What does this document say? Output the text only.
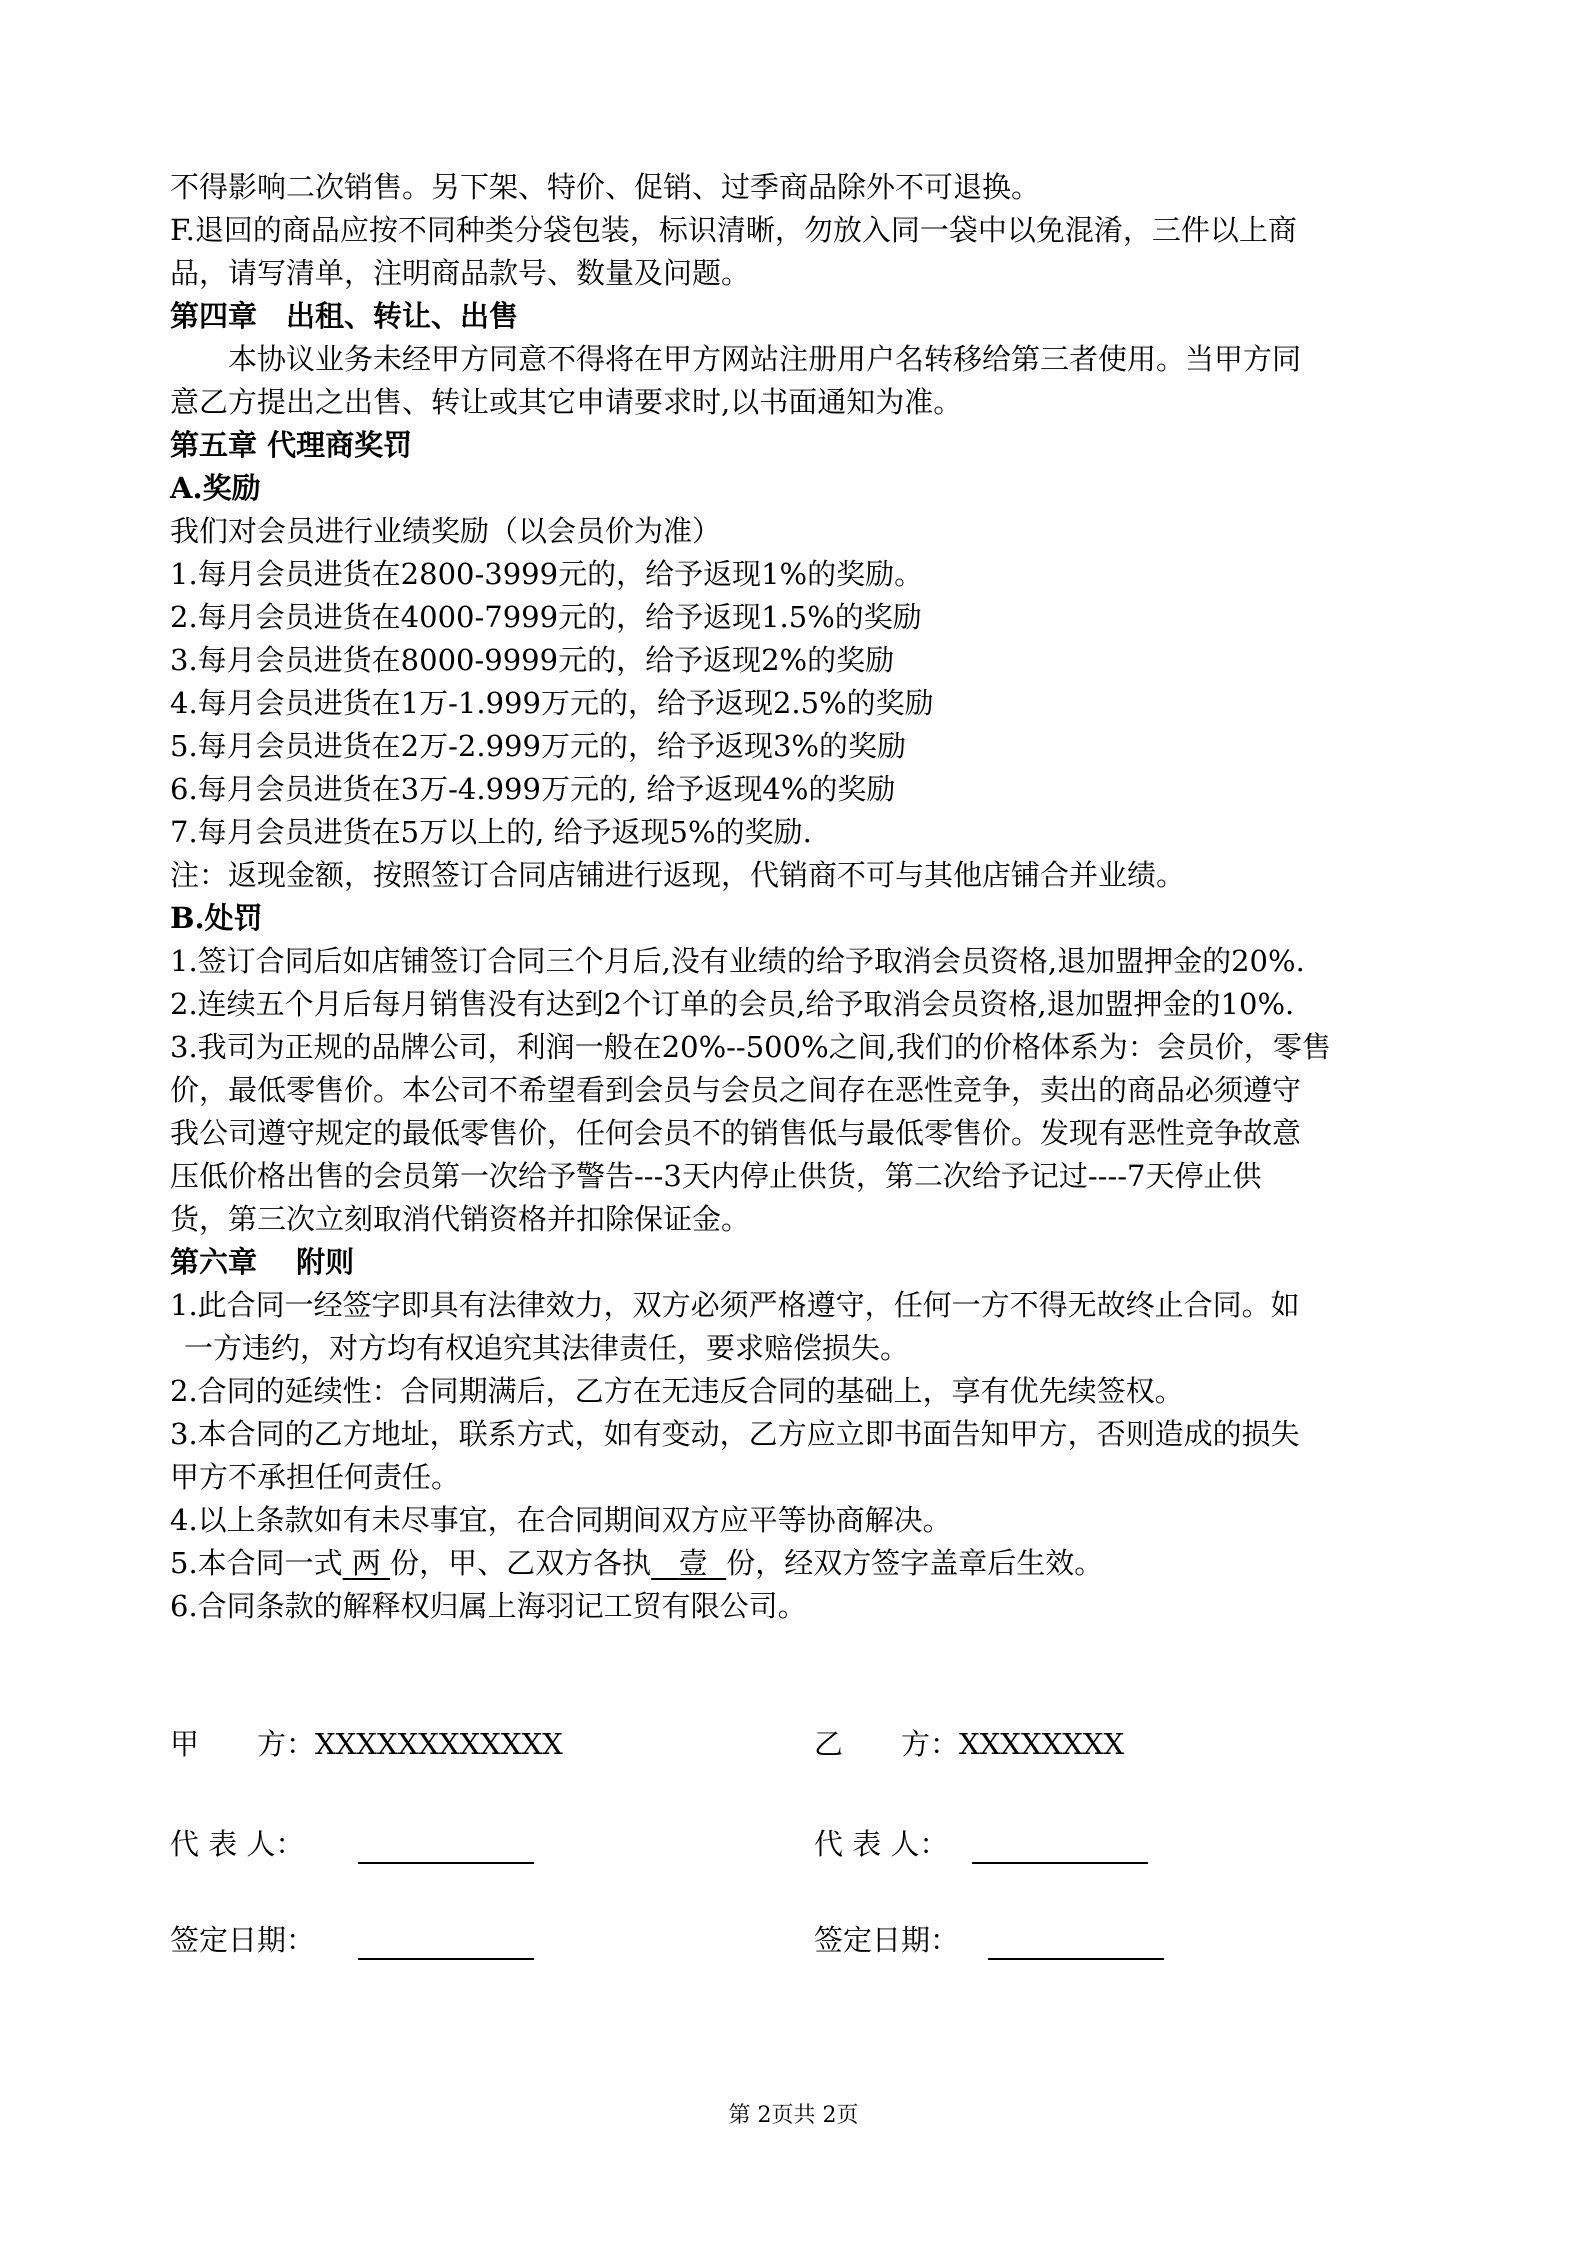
不得影响二次销售。另下架、特价、促销、过季商品除外不可退换。

F.退回的商品应按不同种类分袋包装，标识清晰，勿放入同一袋中以免混淆，三件以上商

品，请写清单，注明商品款号、数量及问题。

第四章　出租、转让、出售

本协议业务未经甲方同意不得将在甲方网站注册用户名转移给第三者使用。当甲方同

意乙方提出之出售、转让或其它申请要求时,以书面通知为准。

第五章 代理商奖罚

A.奖励

我们对会员进行业绩奖励（以会员价为准）

1.每月会员进货在2800-3999元的，给予返现1%的奖励。

2.每月会员进货在4000-7999元的，给予返现1.5%的奖励

3.每月会员进货在8000-9999元的，给予返现2%的奖励

4.每月会员进货在1万-1.999万元的，给予返现2.5%的奖励

5.每月会员进货在2万-2.999万元的，给予返现3%的奖励

6.每月会员进货在3万-4.999万元的, 给予返现4%的奖励

7.每月会员进货在5万以上的, 给予返现5%的奖励.

注：返现金额，按照签订合同店铺进行返现，代销商不可与其他店铺合并业绩。

B.处罚

1.签订合同后如店铺签订合同三个月后,没有业绩的给予取消会员资格,退加盟押金的20%.

2.连续五个月后每月销售没有达到2个订单的会员,给予取消会员资格,退加盟押金的10%.

3.我司为正规的品牌公司，利润一般在20%--500%之间,我们的价格体系为：会员价，零售

价，最低零售价。本公司不希望看到会员与会员之间存在恶性竞争，卖出的商品必须遵守

我公司遵守规定的最低零售价，任何会员不的销售低与最低零售价。发现有恶性竞争故意

压低价格出售的会员第一次给予警告---3天内停止供货，第二次给予记过----7天停止供

货，第三次立刻取消代销资格并扣除保证金。

第六章　 附则

1.此合同一经签字即具有法律效力，双方必须严格遵守，任何一方不得无故终止合同。如

一方违约，对方均有权追究其法律责任，要求赔偿损失。

2.合同的延续性：合同期满后，乙方在无违反合同的基础上，享有优先续签权。

3.本合同的乙方地址，联系方式，如有变动，乙方应立即书面告知甲方，否则造成的损失

甲方不承担任何责任。

4.以上条款如有未尽事宜，在合同期间双方应平等协商解决。

5.本合同一式 两 份，甲、乙双方各执 壹 份，经双方签字盖章后生效。

6.合同条款的解释权归属上海羽记工贸有限公司。

甲　　方：XXXXXXXXXXXX	乙　　方：XXXXXXXX
代 表 人：	代 表 人：
签定日期：	签定日期：
第 2页共 2页
